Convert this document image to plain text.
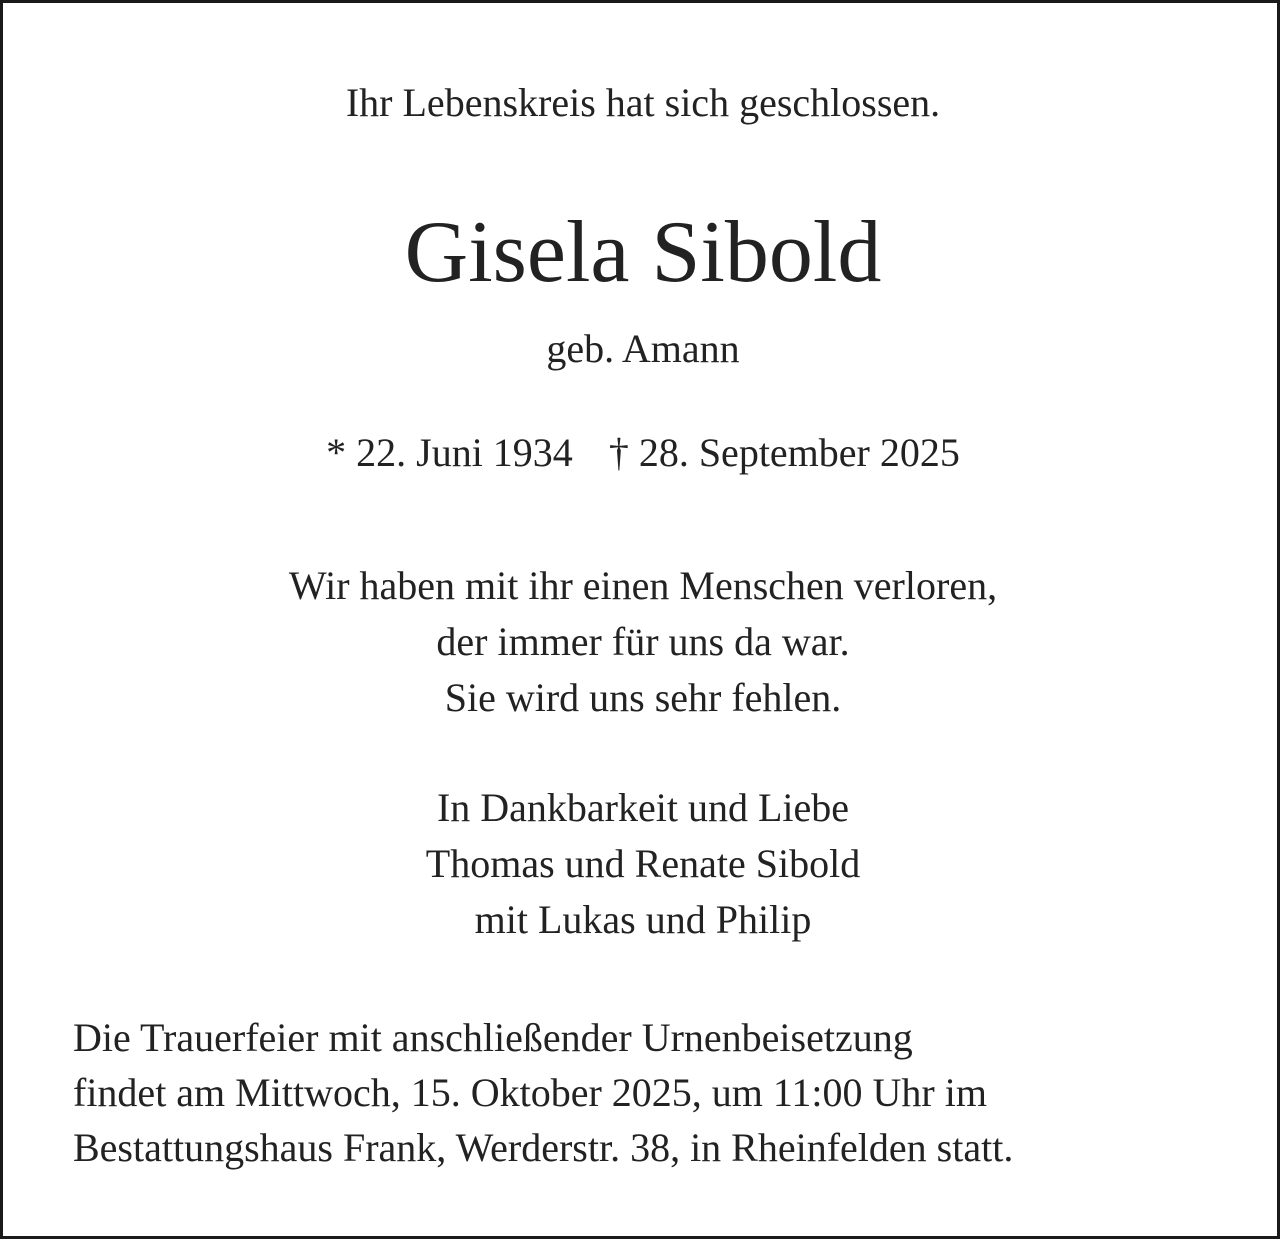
Ihr Lebenskreis hat sich geschlossen.
Gisela Sibold
geb. Amann
* 22. Juni 1934 † 28. September 2025
Wir haben mit ihr einen Menschen verloren,
der immer für uns da war.
Sie wird uns sehr fehlen.
In Dankbarkeit und Liebe
Thomas und Renate Sibold
mit Lukas und Philip
Die Trauerfeier mit anschließender Urnenbeisetzung
findet am Mittwoch, 15. Oktober 2025, um 11:00 Uhr im
Bestattungshaus Frank, Werderstr. 38, in Rheinfelden statt.
